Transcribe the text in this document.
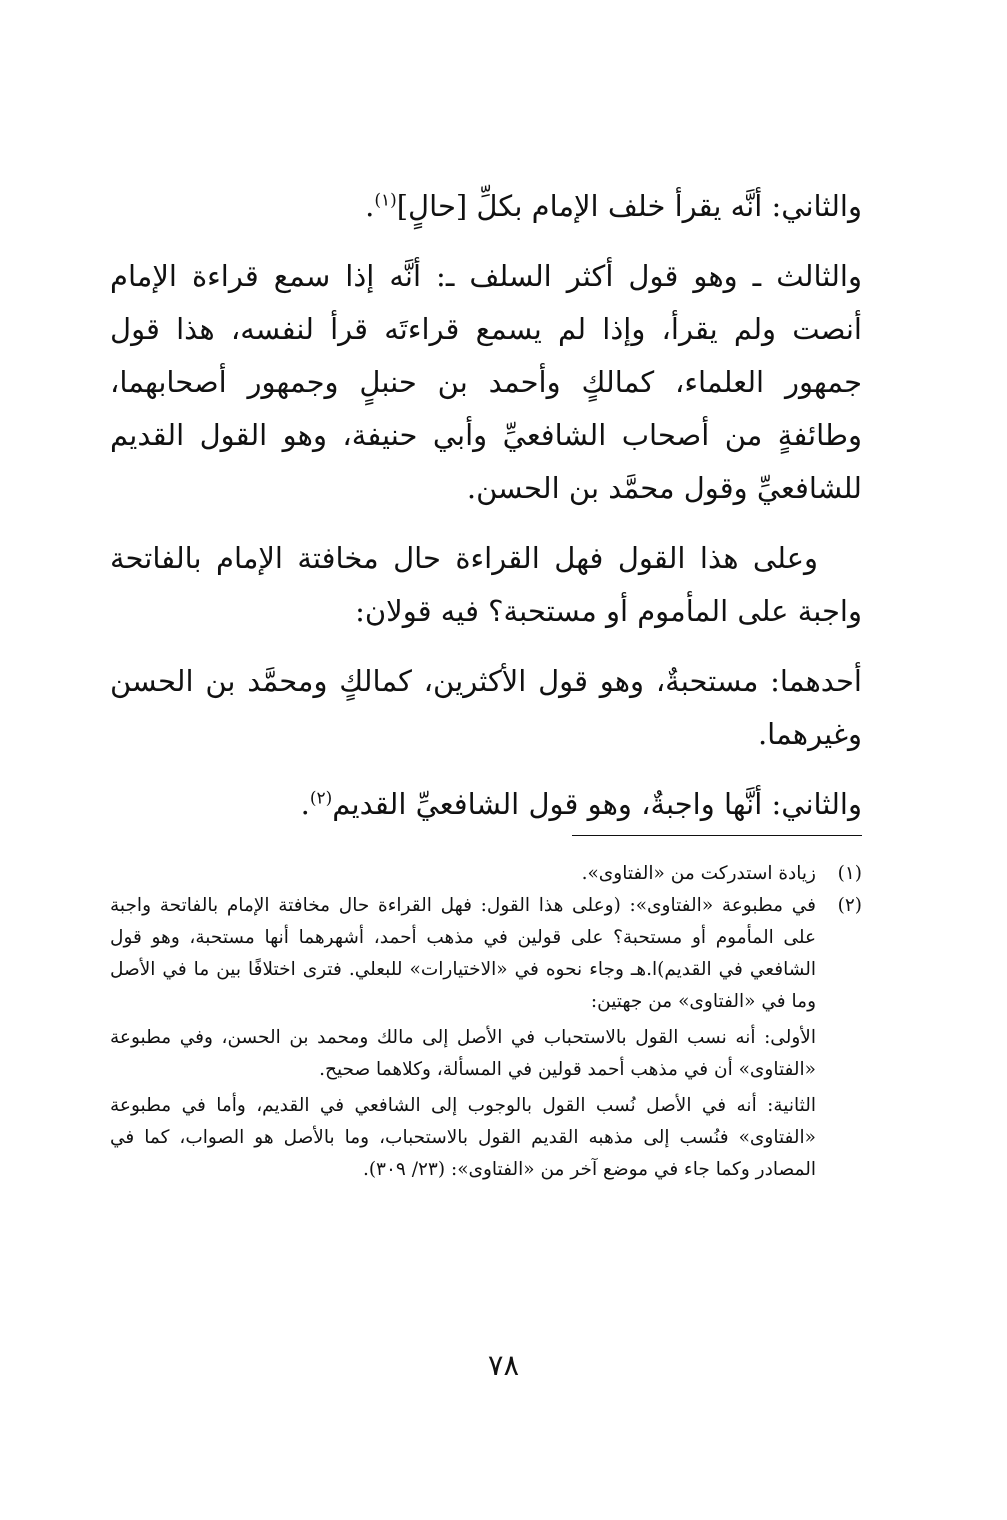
والثاني: أنَّه يقرأ خلف الإمام بكلِّ [حالٍ]$^{(١)}$.

والثالث ـ وهو قول أكثر السلف ـ: أنَّه إذا سمع قراءة الإمام أنصت ولم يقرأ، وإذا لم يسمع قراءتَه قرأ لنفسه، هذا قول جمهور العلماء، كمالكٍ وأحمد بن حنبلٍ وجمهور أصحابهما، وطائفةٍ من أصحاب الشافعيِّ وأبي حنيفة، وهو القول القديم للشافعيِّ وقول محمَّد بن الحسن.

وعلى هذا القول فهل القراءة حال مخافتة الإمام بالفاتحة واجبة على المأموم أو مستحبة؟ فيه قولان:

أحدهما: مستحبةٌ، وهو قول الأكثرين، كمالكٍ ومحمَّد بن الحسن وغيرهما.

والثاني: أنَّها واجبةٌ، وهو قول الشافعيِّ القديم$^{(٢)}$.

(١)

زيادة استدركت من «الفتاوى».

(٢)

في مطبوعة «الفتاوى»: (وعلى هذا القول: فهل القراءة حال مخافتة الإمام بالفاتحة واجبة على المأموم أو مستحبة؟ على قولين في مذهب أحمد، أشهرهما أنها مستحبة، وهو قول الشافعي في القديم)ا.هـ وجاء نحوه في «الاختيارات» للبعلي. فترى اختلافًا بين ما في الأصل وما في «الفتاوى» من جهتين:

الأولى: أنه نسب القول بالاستحباب في الأصل إلى مالك ومحمد بن الحسن، وفي مطبوعة «الفتاوى» أن في مذهب أحمد قولين في المسألة، وكلاهما صحيح.

الثانية: أنه في الأصل نُسب القول بالوجوب إلى الشافعي في القديم، وأما في مطبوعة «الفتاوى» فنُسب إلى مذهبه القديم القول بالاستحباب، وما بالأصل هو الصواب، كما في المصادر وكما جاء في موضع آخر من «الفتاوى»: (٢٣/ ٣٠٩).

٧٨
